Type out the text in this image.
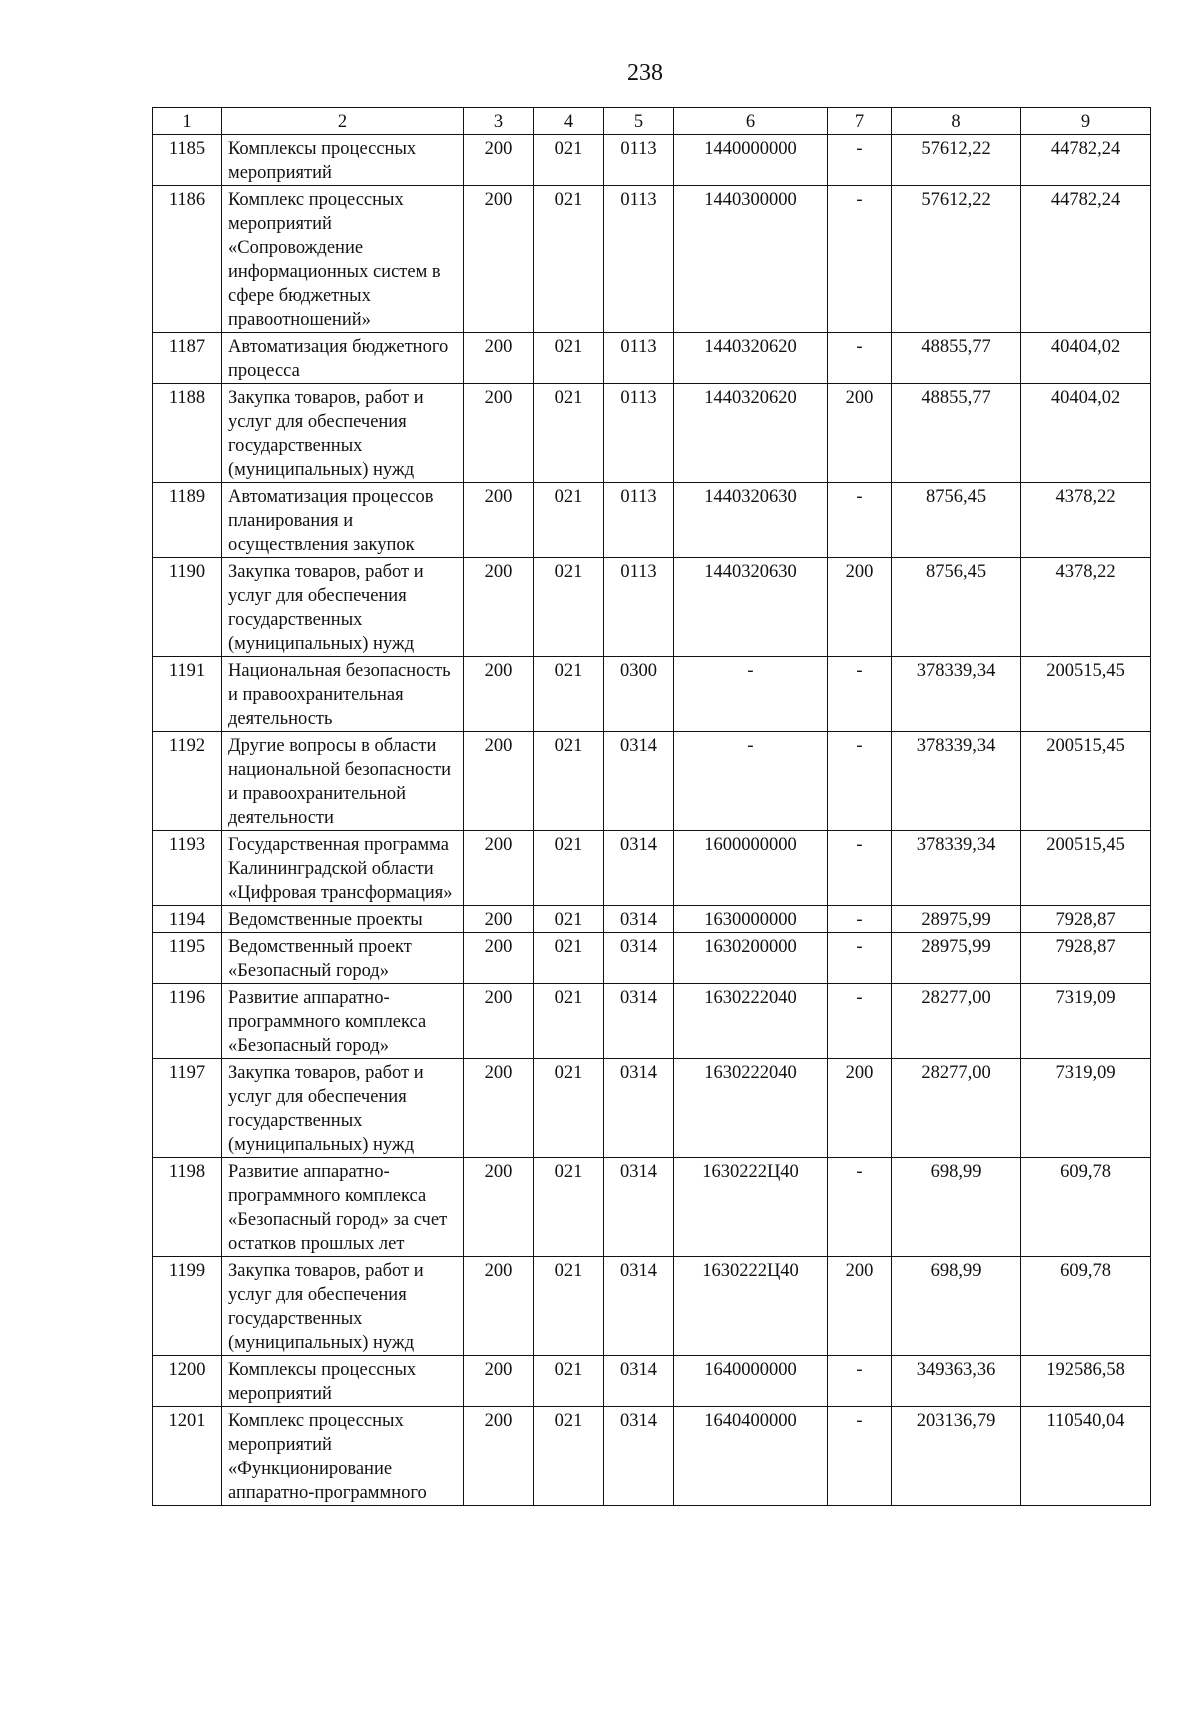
238
1	2	3	4	5	6	7	8	9
1185	Комплексы процессных мероприятий	200	021	0113	1440000000	-	57612,22	44782,24
1186	Комплекс процессных мероприятий «Сопровождение информационных систем в сфере бюджетных правоотношений»	200	021	0113	1440300000	-	57612,22	44782,24
1187	Автоматизация бюджетного процесса	200	021	0113	1440320620	-	48855,77	40404,02
1188	Закупка товаров, работ и услуг для обеспечения государственных (муниципальных) нужд	200	021	0113	1440320620	200	48855,77	40404,02
1189	Автоматизация процессов планирования и осуществления закупок	200	021	0113	1440320630	-	8756,45	4378,22
1190	Закупка товаров, работ и услуг для обеспечения государственных (муниципальных) нужд	200	021	0113	1440320630	200	8756,45	4378,22
1191	Национальная безопасность и правоохранительная деятельность	200	021	0300	-	-	378339,34	200515,45
1192	Другие вопросы в области национальной безопасности и правоохранительной деятельности	200	021	0314	-	-	378339,34	200515,45
1193	Государственная программа Калининградской области «Цифровая трансформация»	200	021	0314	1600000000	-	378339,34	200515,45
1194	Ведомственные проекты	200	021	0314	1630000000	-	28975,99	7928,87
1195	Ведомственный проект «Безопасный город»	200	021	0314	1630200000	-	28975,99	7928,87
1196	Развитие аппаратно-программного комплекса «Безопасный город»	200	021	0314	1630222040	-	28277,00	7319,09
1197	Закупка товаров, работ и услуг для обеспечения государственных (муниципальных) нужд	200	021	0314	1630222040	200	28277,00	7319,09
1198	Развитие аппаратно-программного комплекса «Безопасный город» за счет остатков прошлых лет	200	021	0314	1630222Ц40	-	698,99	609,78
1199	Закупка товаров, работ и услуг для обеспечения государственных (муниципальных) нужд	200	021	0314	1630222Ц40	200	698,99	609,78
1200	Комплексы процессных мероприятий	200	021	0314	1640000000	-	349363,36	192586,58
1201	Комплекс процессных мероприятий «Функционирование аппаратно-программного	200	021	0314	1640400000	-	203136,79	110540,04
